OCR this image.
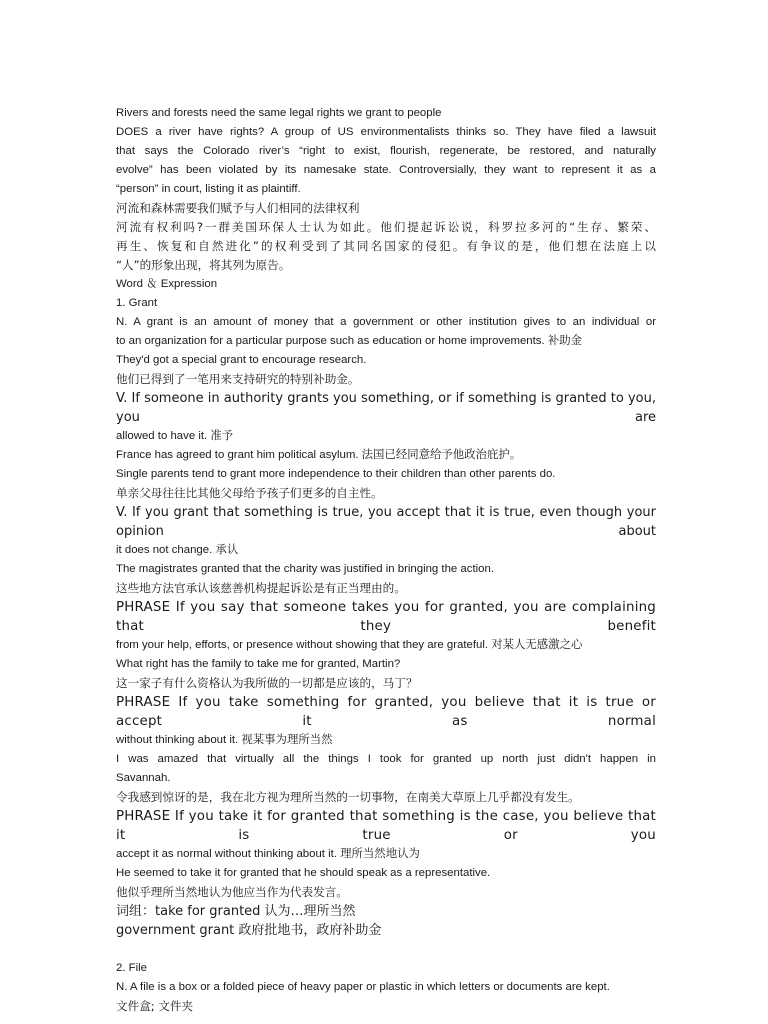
Rivers and forests need the same legal rights we grant to people
DOES a river have rights? A group of US environmentalists thinks so. They have filed a lawsuit
that says the Colorado river’s “right to exist, flourish, regenerate, be restored, and naturally
evolve” has been violated by its namesake state. Controversially, they want to represent it as a
“person” in court, listing it as plaintiff.
河流和森林需要我们赋予与人们相同的法律权利
河流有权利吗?一群美国环保人士认为如此。他们提起诉讼说，科罗拉多河的“生存、繁荣、
再生、恢复和自然进化”的权利受到了其同名国家的侵犯。有争议的是，他们想在法庭上以
“人”的形象出现，将其列为原告。
Word ＆ Expression
1. Grant
N. A grant is an amount of money that a government or other institution gives to an individual or
to an organization for a particular purpose such as education or home improvements. 补助金
They'd got a special grant to encourage research.
他们已得到了一笔用来支持研究的特别补助金。
V. If someone in authority grants you something, or if something is granted to you, you are
allowed to have it. 准予
France has agreed to grant him political asylum. 法国已经同意给予他政治庇护。
Single parents tend to grant more independence to their children than other parents do.
单亲父母往往比其他父母给予孩子们更多的自主性。
V. If you grant that something is true, you accept that it is true, even though your opinion about
it does not change. 承认
The magistrates granted that the charity was justified in bringing the action.
这些地方法官承认该慈善机构提起诉讼是有正当理由的。
PHRASE If you say that someone takes you for granted, you are complaining that they benefit
from your help, efforts, or presence without showing that they are grateful. 对某人无感激之心
What right has the family to take me for granted, Martin?
这一家子有什么资格认为我所做的一切都是应该的，马丁？
PHRASE If you take something for granted, you believe that it is true or accept it as normal
without thinking about it. 视某事为理所当然
I was amazed that virtually all the things I took for granted up north just didn't happen in
Savannah.
令我感到惊讶的是，我在北方视为理所当然的一切事物，在南美大草原上几乎都没有发生。
PHRASE If you take it for granted that something is the case, you believe that it is true or you
accept it as normal without thinking about it. 理所当然地认为
He seemed to take it for granted that he should speak as a representative.
他似乎理所当然地认为他应当作为代表发言。
词组：take for granted 认为…理所当然
government grant 政府批地书，政府补助金
2. File
N. A file is a box or a folded piece of heavy paper or plastic in which letters or documents are kept.
文件盒; 文件夹
